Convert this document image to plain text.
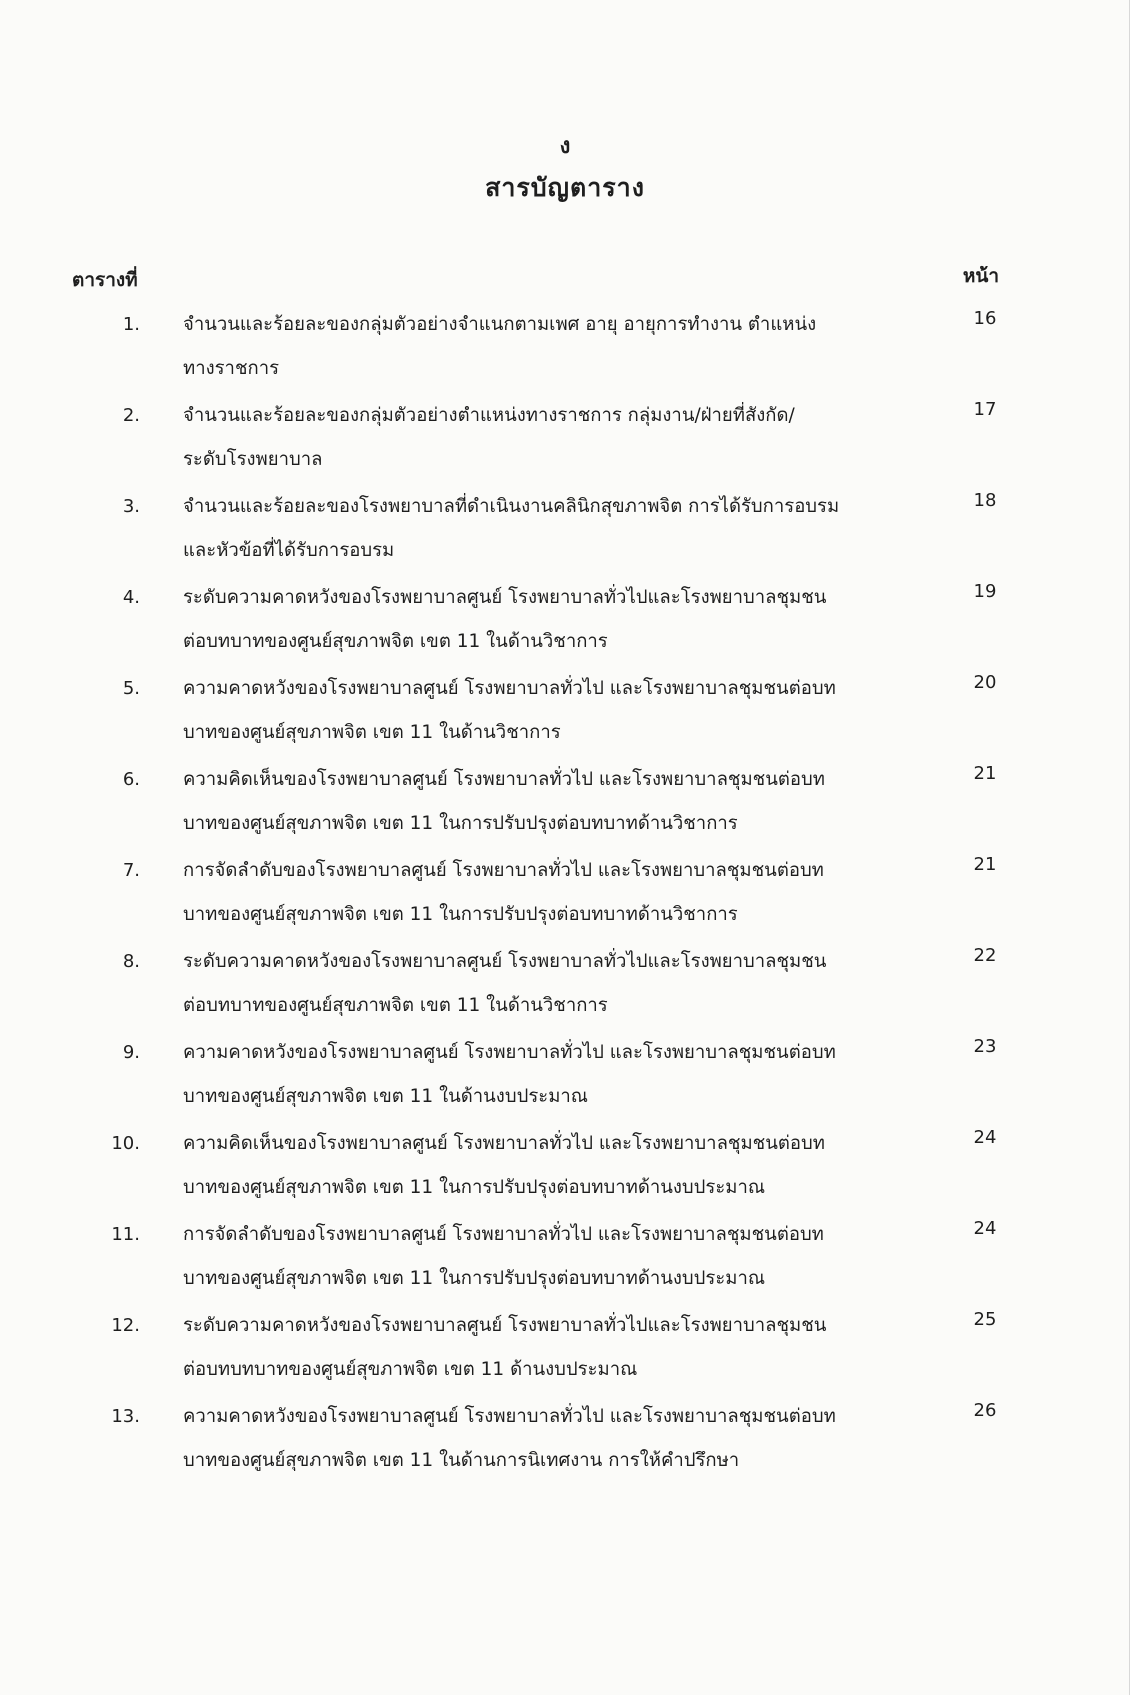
ง
สารบัญตาราง
ตารางที่	หน้า
1. จำนวนและร้อยละของกลุ่มตัวอย่างจำแนกตามเพศ อายุ อายุการทำงาน ตำแหน่ง
ทางราชการ
16
2. จำนวนและร้อยละของกลุ่มตัวอย่างตำแหน่งทางราชการ กลุ่มงาน/ฝ่ายที่สังกัด/
ระดับโรงพยาบาล
17
3. จำนวนและร้อยละของโรงพยาบาลที่ดำเนินงานคลินิกสุขภาพจิต การได้รับการอบรม
และหัวข้อที่ได้รับการอบรม
18
4. ระดับความคาดหวังของโรงพยาบาลศูนย์ โรงพยาบาลทั่วไปและโรงพยาบาลชุมชน
ต่อบทบาทของศูนย์สุขภาพจิต เขต 11 ในด้านวิชาการ
19
5. ความคาดหวังของโรงพยาบาลศูนย์ โรงพยาบาลทั่วไป และโรงพยาบาลชุมชนต่อบท
บาทของศูนย์สุขภาพจิต เขต 11 ในด้านวิชาการ
20
6. ความคิดเห็นของโรงพยาบาลศูนย์ โรงพยาบาลทั่วไป และโรงพยาบาลชุมชนต่อบท
บาทของศูนย์สุขภาพจิต เขต 11 ในการปรับปรุงต่อบทบาทด้านวิชาการ
21
7. การจัดลำดับของโรงพยาบาลศูนย์ โรงพยาบาลทั่วไป และโรงพยาบาลชุมชนต่อบท
บาทของศูนย์สุขภาพจิต เขต 11 ในการปรับปรุงต่อบทบาทด้านวิชาการ
21
8. ระดับความคาดหวังของโรงพยาบาลศูนย์ โรงพยาบาลทั่วไปและโรงพยาบาลชุมชน
ต่อบทบาทของศูนย์สุขภาพจิต เขต 11 ในด้านวิชาการ
22
9. ความคาดหวังของโรงพยาบาลศูนย์ โรงพยาบาลทั่วไป และโรงพยาบาลชุมชนต่อบท
บาทของศูนย์สุขภาพจิต เขต 11 ในด้านงบประมาณ
23
10. ความคิดเห็นของโรงพยาบาลศูนย์ โรงพยาบาลทั่วไป และโรงพยาบาลชุมชนต่อบท
บาทของศูนย์สุขภาพจิต เขต 11 ในการปรับปรุงต่อบทบาทด้านงบประมาณ
24
11. การจัดลำดับของโรงพยาบาลศูนย์ โรงพยาบาลทั่วไป และโรงพยาบาลชุมชนต่อบท
บาทของศูนย์สุขภาพจิต เขต 11 ในการปรับปรุงต่อบทบาทด้านงบประมาณ
24
12. ระดับความคาดหวังของโรงพยาบาลศูนย์ โรงพยาบาลทั่วไปและโรงพยาบาลชุมชน
ต่อบทบทบาทของศูนย์สุขภาพจิต เขต 11 ด้านงบประมาณ
25
13. ความคาดหวังของโรงพยาบาลศูนย์ โรงพยาบาลทั่วไป และโรงพยาบาลชุมชนต่อบท
บาทของศูนย์สุขภาพจิต เขต 11 ในด้านการนิเทศงาน การให้คำปรึกษา
26
